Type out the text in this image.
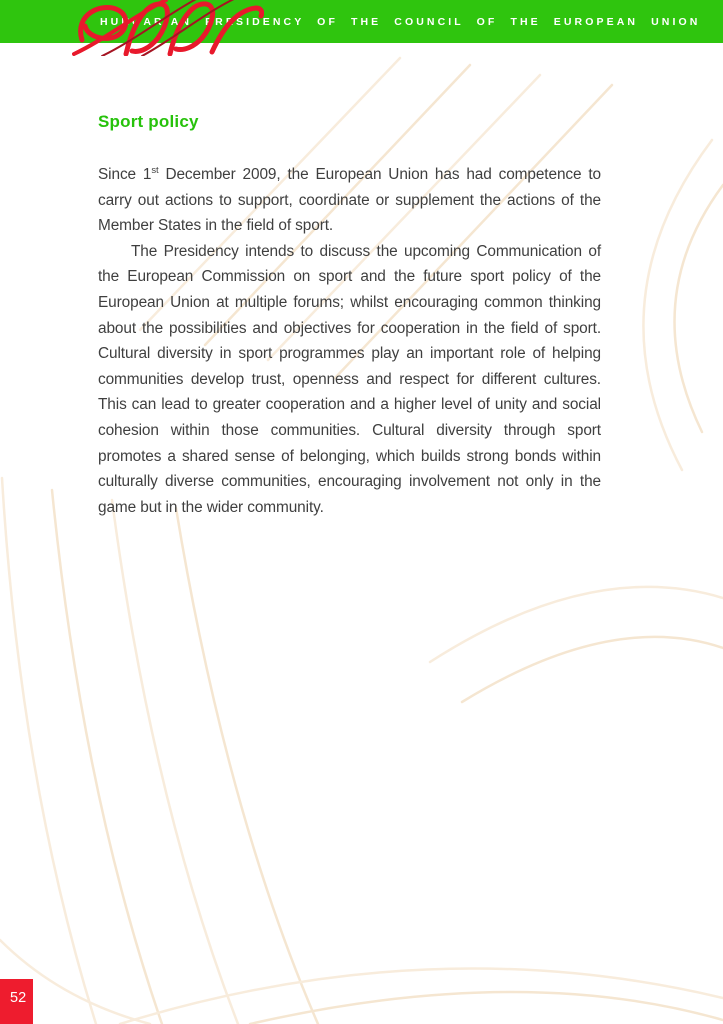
HUNGARIAN PRESIDENCY OF THE COUNCIL OF THE EUROPEAN UNION
Sport policy

Since 1st December 2009, the European Union has had competence to carry out actions to support, coordinate or supplement the actions of the Member States in the field of sport.

The Presidency intends to discuss the upcoming Communication of the European Commission on sport and the future sport policy of the European Union at multiple forums; whilst encouraging common thinking about the possibilities and objectives for cooperation in the field of sport. Cultural diversity in sport programmes play an important role of helping communities develop trust, openness and respect for different cultures. This can lead to greater cooperation and a higher level of unity and social cohesion within those communities. Cultural diversity through sport promotes a shared sense of belonging, which builds strong bonds within culturally diverse communities, encouraging involvement not only in the game but in the wider community.

52
